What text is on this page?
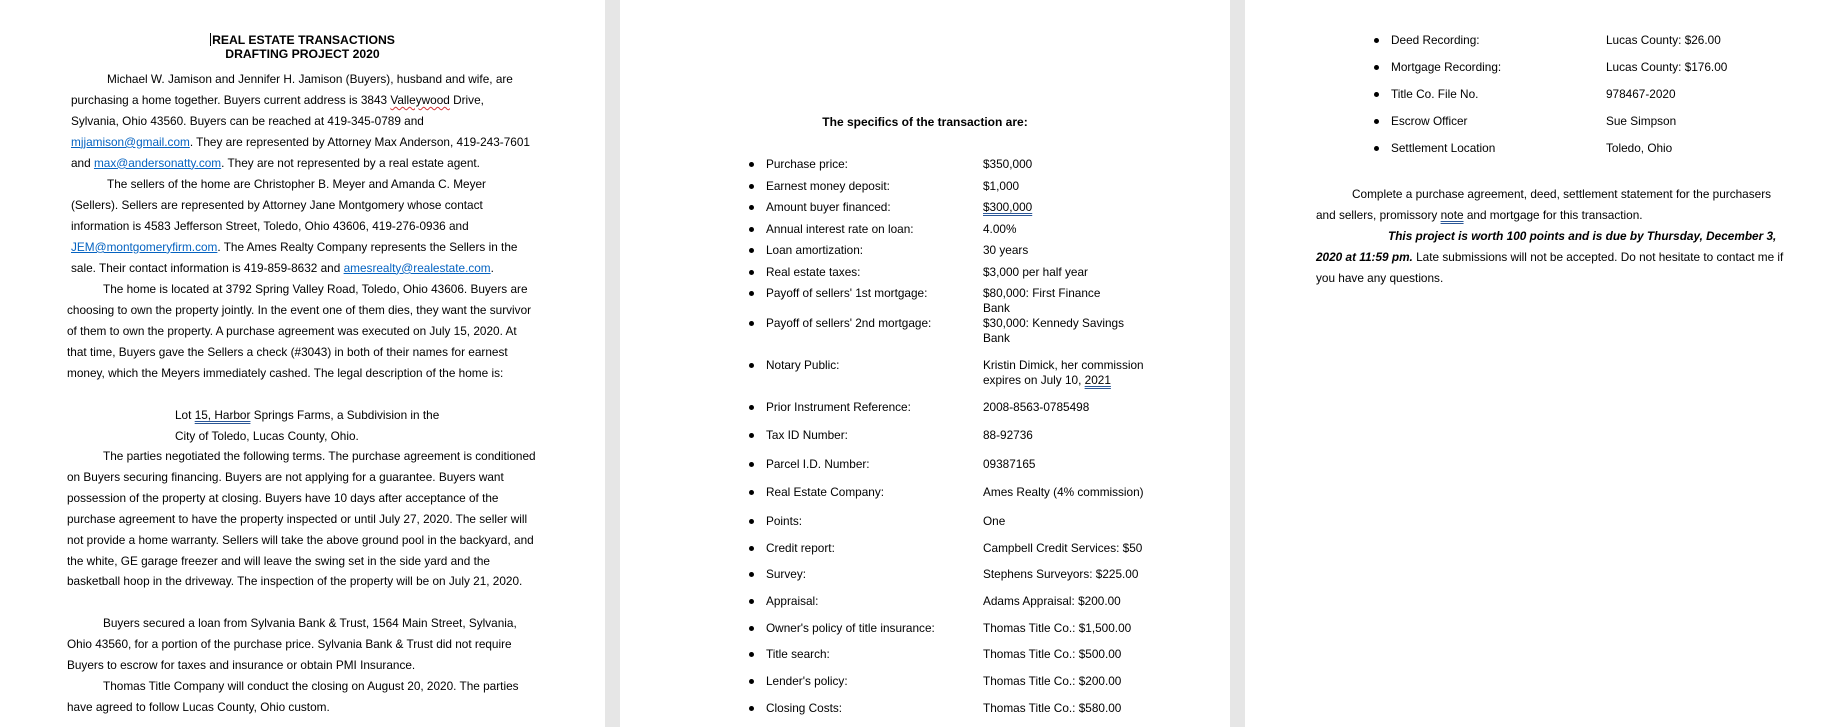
REAL ESTATE TRANSACTIONS
DRAFTING PROJECT 2020

Michael W. Jamison and Jennifer H. Jamison (Buyers), husband and wife, are purchasing a home together. Buyers current address is 3843 Valleywood Drive, Sylvania, Ohio 43560. Buyers can be reached at 419-345-0789 and mjjamison@gmail.com. They are represented by Attorney Max Anderson, 419-243-7601 and max@andersonatty.com. They are not represented by a real estate agent.

The sellers of the home are Christopher B. Meyer and Amanda C. Meyer (Sellers). Sellers are represented by Attorney Jane Montgomery whose contact information is 4583 Jefferson Street, Toledo, Ohio 43606, 419-276-0936 and JEM@montgomeryfirm.com. The Ames Realty Company represents the Sellers in the sale. Their contact information is 419-859-8632 and amesrealty@realestate.com.

The home is located at 3792 Spring Valley Road, Toledo, Ohio 43606. Buyers are choosing to own the property jointly. In the event one of them dies, they want the survivor of them to own the property. A purchase agreement was executed on July 15, 2020. At that time, Buyers gave the Sellers a check (#3043) in both of their names for earnest money, which the Meyers immediately cashed. The legal description of the home is:

Lot 15, Harbor Springs Farms, a Subdivision in the
City of Toledo, Lucas County, Ohio.

The parties negotiated the following terms. The purchase agreement is conditioned on Buyers securing financing. Buyers are not applying for a guarantee. Buyers want possession of the property at closing. Buyers have 10 days after acceptance of the purchase agreement to have the property inspected or until July 27, 2020. The seller will not provide a home warranty. Sellers will take the above ground pool in the backyard, and the white, GE garage freezer and will leave the swing set in the side yard and the basketball hoop in the driveway. The inspection of the property will be on July 21, 2020.

Buyers secured a loan from Sylvania Bank & Trust, 1564 Main Street, Sylvania, Ohio 43560, for a portion of the purchase price. Sylvania Bank & Trust did not require Buyers to escrow for taxes and insurance or obtain PMI Insurance.

Thomas Title Company will conduct the closing on August 20, 2020. The parties have agreed to follow Lucas County, Ohio custom.

The specifics of the transaction are:
Purchase price:	$350,000
Earnest money deposit:	$1,000
Amount buyer financed:	$300,000
Annual interest rate on loan:	4.00%
Loan amortization:	30 years
Real estate taxes:	$3,000 per half year
Payoff of sellers' 1st mortgage:	$80,000: First Finance
Bank
Payoff of sellers' 2nd mortgage:	$30,000: Kennedy Savings
Bank
Notary Public:	Kristin Dimick, her commission
expires on July 10, 2021
Prior Instrument Reference:	2008-8563-0785498
Tax ID Number:	88-92736
Parcel I.D. Number:	09387165
Real Estate Company:	Ames Realty (4% commission)
Points:	One
Credit report:	Campbell Credit Services: $50
Survey:	Stephens Surveyors: $225.00
Appraisal:	Adams Appraisal: $200.00
Owner's policy of title insurance:	Thomas Title Co.: $1,500.00
Title search:	Thomas Title Co.: $500.00
Lender's policy:	Thomas Title Co.: $200.00
Closing Costs:	Thomas Title Co.: $580.00
Deed Recording:	Lucas County: $26.00
Mortgage Recording:	Lucas County: $176.00
Title Co. File No.	978467-2020
Escrow Officer	Sue Simpson
Settlement Location	Toledo, Ohio

Complete a purchase agreement, deed, settlement statement for the purchasers and sellers, promissory note and mortgage for this transaction.

This project is worth 100 points and is due by Thursday, December 3, 2020 at 11:59 pm. Late submissions will not be accepted. Do not hesitate to contact me if you have any questions.
